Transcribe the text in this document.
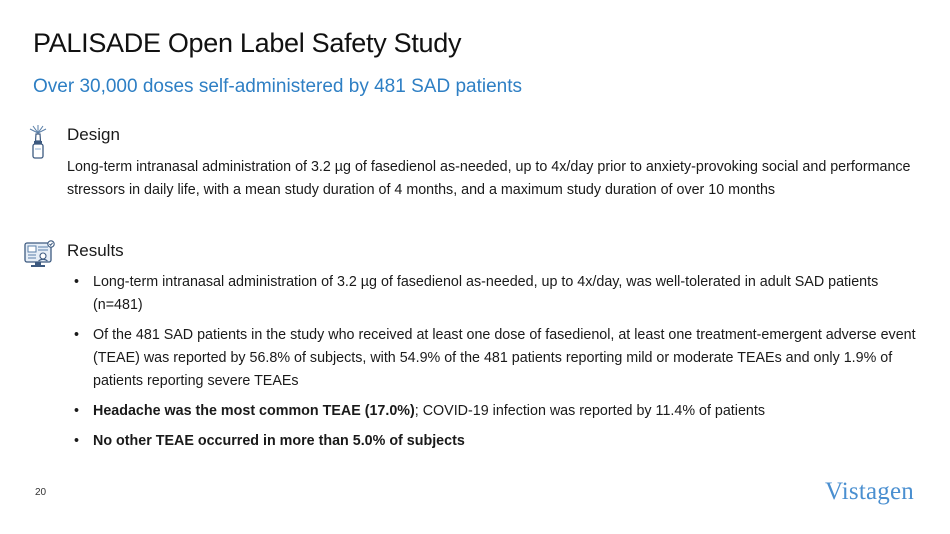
PALISADE Open Label Safety Study
Over 30,000 doses self-administered by 481 SAD patients
Design
Long-term intranasal administration of 3.2 µg of fasedienol as-needed, up to 4x/day prior to anxiety-provoking social and performance stressors in daily life, with a mean study duration of 4 months, and a maximum study duration of over 10 months
Results
• Long-term intranasal administration of 3.2 µg of fasedienol as-needed, up to 4x/day, was well-tolerated in adult SAD patients (n=481)
• Of the 481 SAD patients in the study who received at least one dose of fasedienol, at least one treatment-emergent adverse event (TEAE) was reported by 56.8% of subjects, with 54.9% of the 481 patients reporting mild or moderate TEAEs and only 1.9% of patients reporting severe TEAEs
• Headache was the most common TEAE (17.0%); COVID-19 infection was reported by 11.4% of patients
• No other TEAE occurred in more than 5.0% of subjects
20	Vistagen
